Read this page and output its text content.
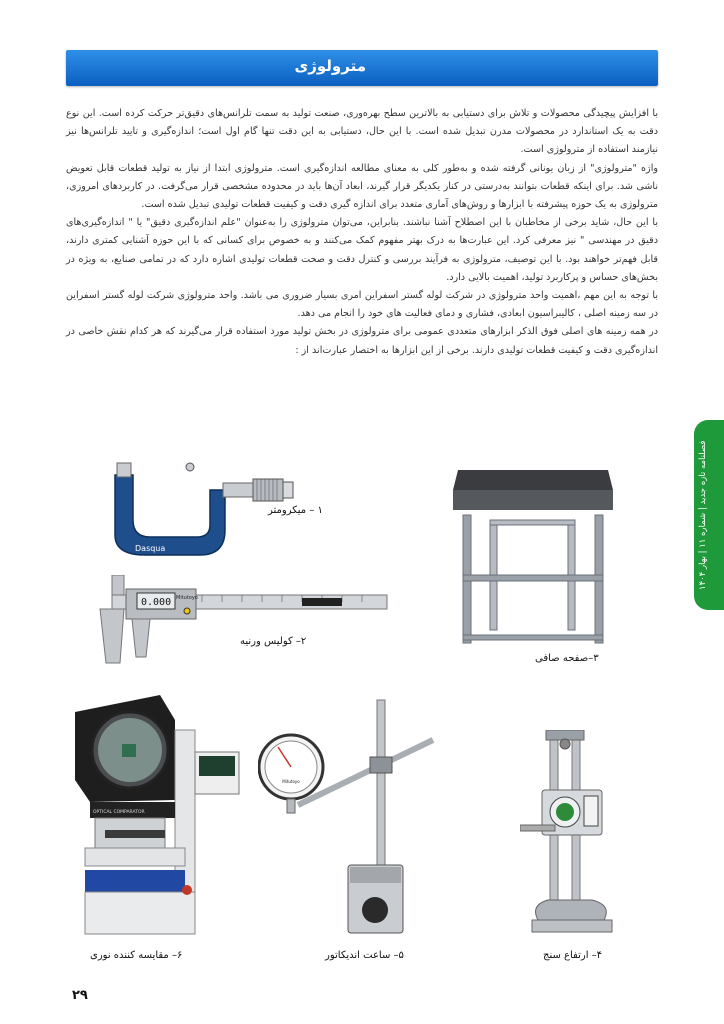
مترولوژی

با افزایش پیچیدگی محصولات و تلاش برای دستیابی به بالاترین سطح بهره‌وری، صنعت تولید به سمت تلرانس‌های دقیق‌تر حرکت کرده است. این نوع دقت به یک استاندارد در محصولات مدرن تبدیل شده است. با این حال، دستیابی به این دقت تنها گام اول است؛ اندازه‌گیری و تایید تلرانس‌ها نیز نیازمند استفاده از مترولوژی است.

واژه "مترولوژی" از زبان یونانی گرفته شده و به‌طور کلی به معنای مطالعه اندازه‌گیری است. مترولوژی ابتدا از نیاز به تولید قطعات قابل تعویض ناشی شد. برای اینکه قطعات بتوانند به‌درستی در کنار یکدیگر قرار گیرند، ابعاد آن‌ها باید در محدوده مشخصی قرار می‌گرفت. در کاربردهای امروزی، مترولوژی به یک حوزه پیشرفته با ابزارها و روش‌های آماری متعدد برای اندازه گیری دقت و کیفیت قطعات تولیدی تبدیل شده است.

با این حال، شاید برخی از مخاطبان با این اصطلاح آشنا نباشند. بنابراین، می‌توان مترولوژی را به‌عنوان "علم اندازه‌گیری دقیق" یا " اندازه‌گیری‌های دقیق در مهندسی " نیز معرفی کرد. این عبارت‌ها به درک بهتر مفهوم کمک می‌کنند و به خصوص برای کسانی که با این حوزه آشنایی کمتری دارند، قابل فهم‌تر خواهند بود. با این توصیف، مترولوژی به فرآیند بررسی و کنترل دقت و صحت قطعات تولیدی اشاره دارد که در تمامی صنایع، به ویژه در بخش‌های حساس و پرکاربرد تولید، اهمیت بالایی دارد.

با توجه به این مهم ،اهمیت واحد مترولوژی در شرکت لوله گستر اسفراین امری بسیار ضروری می باشد. واحد مترولوژی شرکت لوله گستر اسفراین در سه زمینه اصلی ، کالیبراسیون ابعادی، فشاری و دمای فعالیت های خود را انجام می دهد.

در همه زمینه های اصلی فوق الذکر ابزارهای متعددی عمومی برای مترولوژی در بخش تولید مورد استفاده قرار می‌گیرند که هر کدام نقش خاصی در اندازه‌گیری دقت و کیفیت قطعات تولیدی دارند. برخی از این ابزارها به اختصار عبارت‌اند از :

فصلنامه تازه جدید | شماره ۱۱ | بهار ۱۴۰۴
Dasqua
۱ – میکرومتر
0.000 Mitutoyo
۲– کولیس ورنیه
۳–صفحه صافی
۴– ارتفاع سنج
Mitutoyo
۵– ساعت اندیکاتور
OPTICAL COMPARATOR
۶– مقایسه کننده نوری
۲۹
